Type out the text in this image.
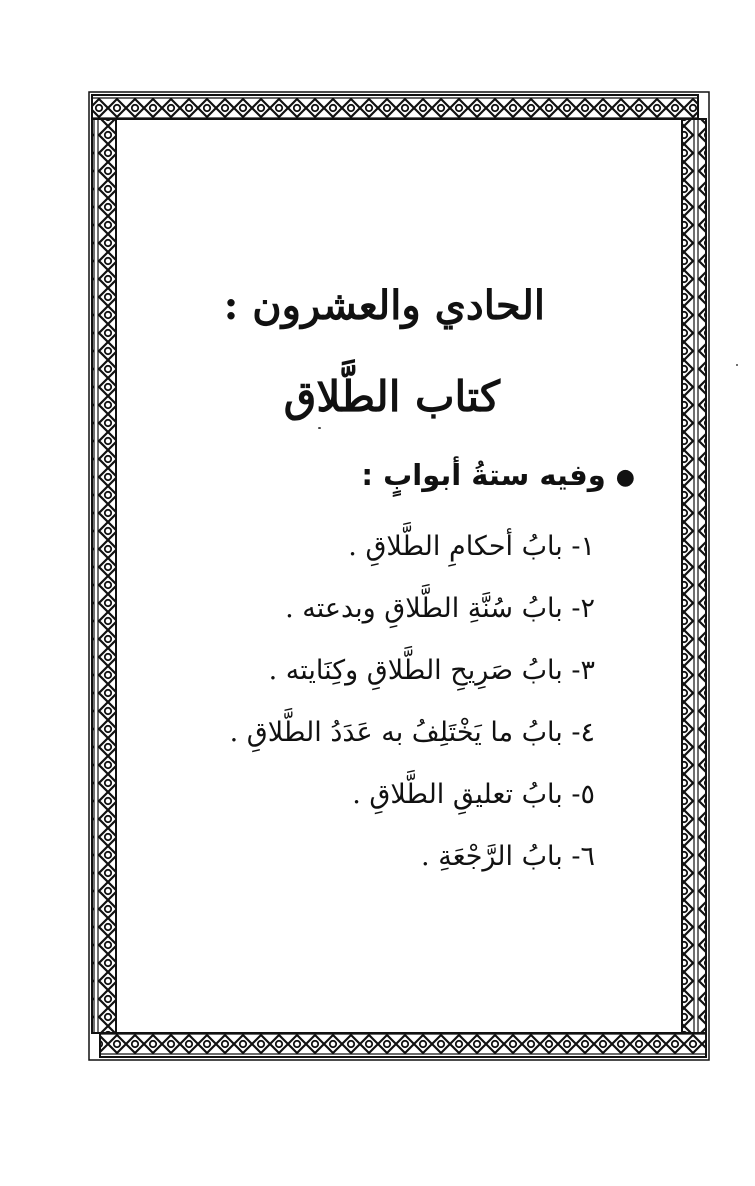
الحادي والعشرون :
كتاب الطَّلاق
●وفيه ستةُ أبوابٍ :
١- بابُ أحكامِ الطَّلاقِ .
٢- بابُ سُنَّةِ الطَّلاقِ وبدعته .
٣- بابُ صَرِيحِ الطَّلاقِ وكِنَايته .
٤- بابُ ما يَخْتَلِفُ به عَدَدُ الطَّلاقِ .
٥- بابُ تعليقِ الطَّلاقِ .
٦- بابُ الرَّجْعَةِ .
